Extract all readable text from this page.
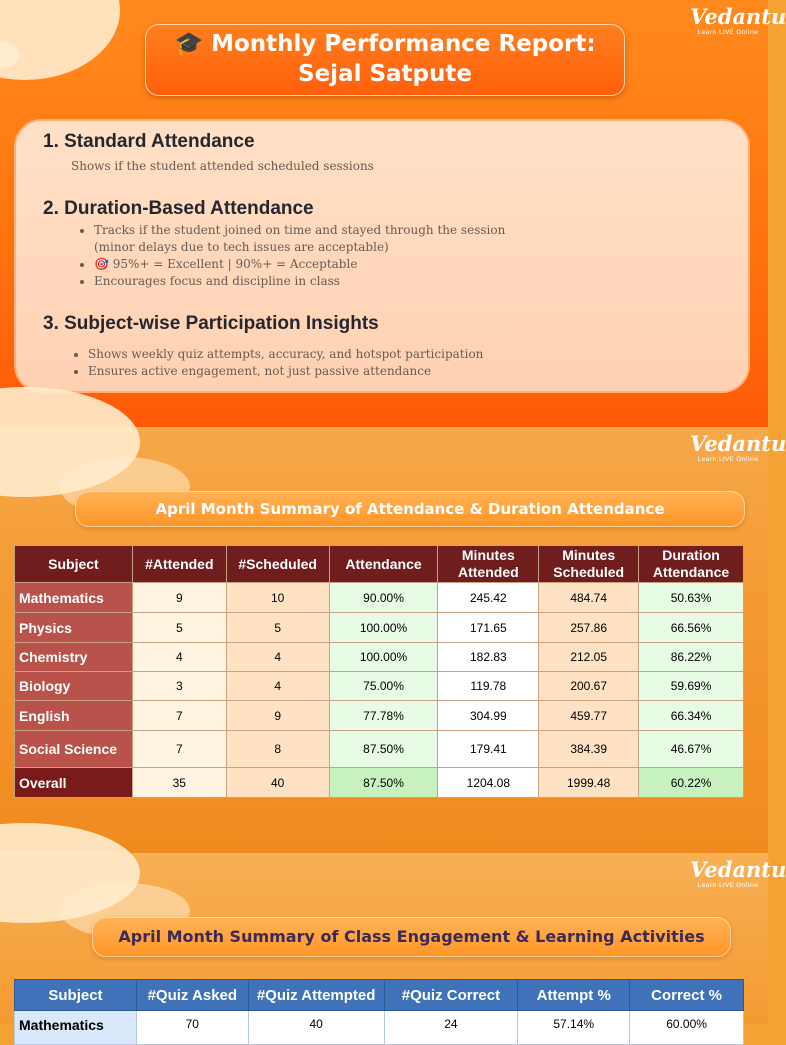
Vedantu
Learn LIVE Online
🎓 Monthly Performance Report:
Sejal Satpute
1. Standard Attendance
Shows if the student attended scheduled sessions
2. Duration-Based Attendance
• Tracks if the student joined on time and stayed through the session
(minor delays due to tech issues are acceptable)
• 🎯 95%+ = Excellent | 90%+ = Acceptable
• Encourages focus and discipline in class
3. Subject-wise Participation Insights
• Shows weekly quiz attempts, accuracy, and hotspot participation
• Ensures active engagement, not just passive attendance
Vedantu
Learn LIVE Online
April Month Summary of Attendance & Duration Attendance
Subject	#Attended	#Scheduled	Attendance	Minutes Attended	Minutes Scheduled	Duration Attendance
Mathematics	9	10	90.00%	245.42	484.74	50.63%
Physics	5	5	100.00%	171.65	257.86	66.56%
Chemistry	4	4	100.00%	182.83	212.05	86.22%
Biology	3	4	75.00%	119.78	200.67	59.69%
English	7	9	77.78%	304.99	459.77	66.34%
Social Science	7	8	87.50%	179.41	384.39	46.67%
Overall	35	40	87.50%	1204.08	1999.48	60.22%
Vedantu
Learn LIVE Online
April Month Summary of Class Engagement & Learning Activities
Subject	#Quiz Asked	#Quiz Attempted	#Quiz Correct	Attempt %	Correct %
Mathematics	70	40	24	57.14%	60.00%
